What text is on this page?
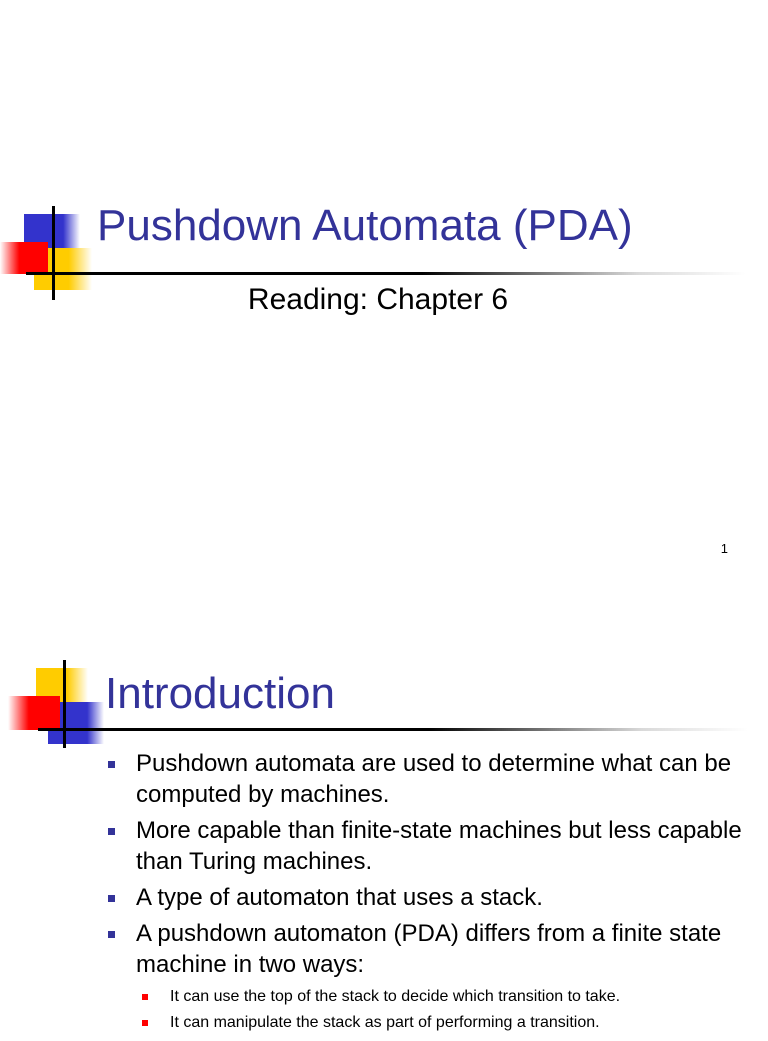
Pushdown Automata (PDA)
Reading: Chapter 6
1
Introduction
Pushdown automata are used to determine what can be computed by machines.
More capable than finite-state machines but less capable than Turing machines.
A type of automaton that uses a stack.
A pushdown automaton (PDA) differs from a finite state machine in two ways:
It can use the top of the stack to decide which transition to take.
It can manipulate the stack as part of performing a transition.
